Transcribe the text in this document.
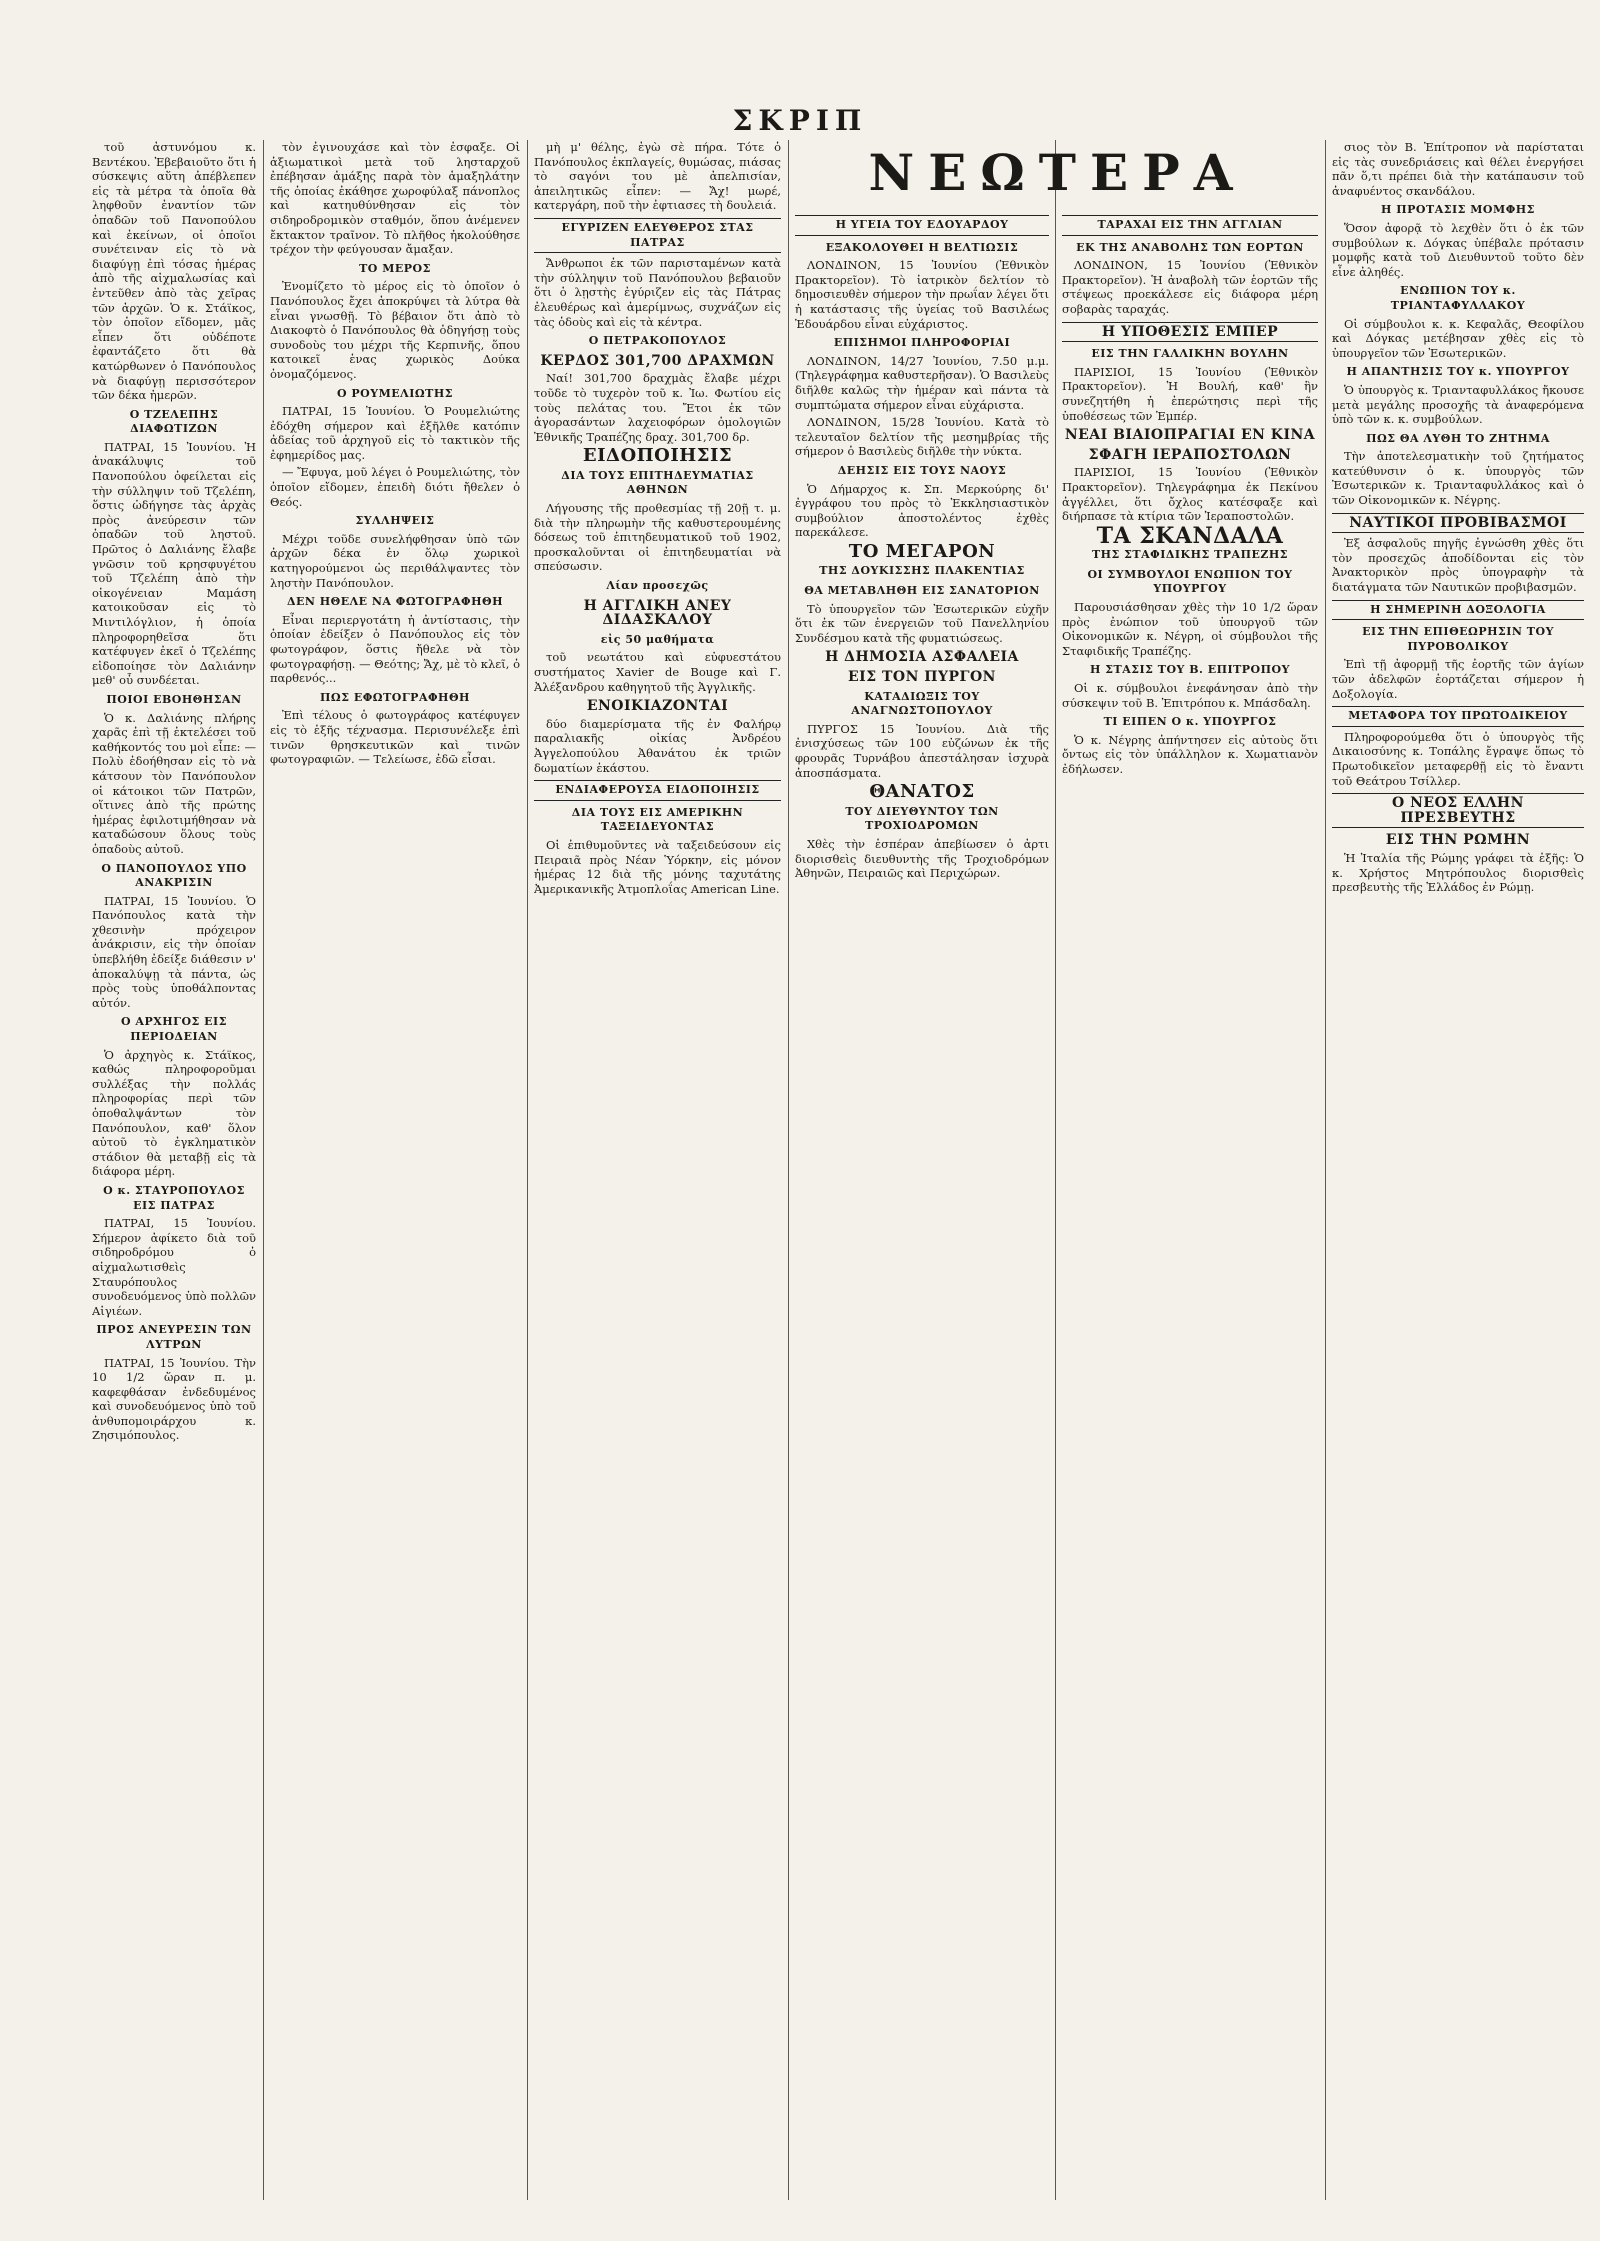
ΣΚΡΙΠ

τοῦ ἀστυνόμου κ. Βεντέκου. Ἐβεβαιοῦτο ὅτι ἡ σύσκεψις αὕτη ἀπέβλεπεν εἰς τὰ μέτρα τὰ ὁποῖα θὰ ληφθοῦν ἐναντίον τῶν ὁπαδῶν τοῦ Πανοπούλου καὶ ἐκείνων, οἱ ὁποῖοι συνέτειναν εἰς τὸ νὰ διαφύγῃ ἐπὶ τόσας ἡμέρας ἀπὸ τῆς αἰχμαλωσίας καὶ ἐντεῦθεν ἀπὸ τὰς χεῖρας τῶν ἀρχῶν. Ὁ κ. Στάϊκος, τὸν ὁποῖον εἴδομεν, μᾶς εἶπεν ὅτι οὐδέποτε ἐφαντάζετο ὅτι θὰ κατώρθωνεν ὁ Πανόπουλος νὰ διαφύγῃ περισσότερον τῶν δέκα ἡμερῶν.

Ο ΤΖΕΛΕΠΗΣ ΔΙΑΦΩΤΙΖΩΝ

ΠΑΤΡΑΙ, 15 Ἰουνίου. Ἡ ἀνακάλυψις τοῦ Πανοπούλου ὀφείλεται εἰς τὴν σύλληψιν τοῦ Τζελέπη, ὅστις ὡδήγησε τὰς ἀρχὰς πρὸς ἀνεύρεσιν τῶν ὁπαδῶν τοῦ ληστοῦ. Πρῶτος ὁ Δαλιάνης ἔλαβε γνῶσιν τοῦ κρησφυγέτου τοῦ Τζελέπη ἀπὸ τὴν οἰκογένειαν Μαμάση κατοικοῦσαν εἰς τὸ Μιντιλόγλιον, ἡ ὁποία πληροφορηθεῖσα ὅτι κατέφυγεν ἐκεῖ ὁ Τζελέπης εἰδοποίησε τὸν Δαλιάνην μεθ' οὗ συνδέεται.

ΠΟΙΟΙ ΕΒΟΗΘΗΣΑΝ

Ὁ κ. Δαλιάνης πλήρης χαρᾶς ἐπὶ τῇ ἐκτελέσει τοῦ καθήκοντός του μοὶ εἶπε: — Πολὺ ἐδοήθησαν εἰς τὸ νὰ κάτσουν τὸν Πανόπουλον οἱ κάτοικοι τῶν Πατρῶν, οἵτινες ἀπὸ τῆς πρώτης ἡμέρας ἐφιλοτιμήθησαν νὰ καταδώσουν ὅλους τοὺς ὁπαδοὺς αὐτοῦ.

Ο ΠΑΝΟΠΟΥΛΟΣ ΥΠΟ ΑΝΑΚΡΙΣΙΝ

ΠΑΤΡΑΙ, 15 Ἰουνίου. Ὁ Πανόπουλος κατὰ τὴν χθεσινὴν πρόχειρον ἀνάκρισιν, εἰς τὴν ὁποίαν ὑπεβλήθη ἐδείξε διάθεσιν ν' ἀποκαλύψῃ τὰ πάντα, ὡς πρὸς τοὺς ὑποθάλποντας αὐτόν.

Ο ΑΡΧΗΓΟΣ ΕΙΣ ΠΕΡΙΟΔΕΙΑΝ

Ὁ ἀρχηγὸς κ. Στάϊκος, καθώς πληροφοροῦμαι συλλέξας τὴν πολλάς πληροφορίας περὶ τῶν ὁποθαλψάντων τὸν Πανόπουλον, καθ' ὅλον αὐτοῦ τὸ ἐγκληματικὸν στάδιον θὰ μεταβῇ εἰς τὰ διάφορα μέρη.

Ο κ. ΣΤΑΥΡΟΠΟΥΛΟΣ ΕΙΣ ΠΑΤΡΑΣ

ΠΑΤΡΑΙ, 15 Ἰουνίου. Σήμερον ἀφίκετο διὰ τοῦ σιδηροδρόμου ὁ αἰχμαλωτισθεὶς Σταυρόπουλος συνοδευόμενος ὑπὸ πολλῶν Αἰγιέων.

ΠΡΟΣ ΑΝΕΥΡΕΣΙΝ ΤΩΝ ΛΥΤΡΩΝ

ΠΑΤΡΑΙ, 15 Ἰουνίου. Τὴν 10 1/2 ὥραν π. μ. καφεφθάσαν ἐνδεδυμένος καὶ συνοδευόμενος ὑπὸ τοῦ ἀνθυπομοιράρχου κ. Ζησιμόπουλος.

τὸν ἐγινουχάσε καὶ τὸν ἐσφαξε. Οἱ ἀξιωματικοὶ μετὰ τοῦ λησταρχοῦ ἐπέβησαν ἀμάξης παρὰ τὸν ἁμαξηλάτην τῆς ὁποίας ἐκάθησε χωροφύλαξ πάνοπλος καὶ κατηυθύνθησαν εἰς τὸν σιδηροδρομικὸν σταθμόν, ὅπου ἀνέμενεν ἔκτακτον τραῖνον. Τὸ πλῆθος ἠκολούθησε τρέχον τὴν φεύγουσαν ἄμαξαν.

ΤΟ ΜΕΡΟΣ

Ἐνομίζετο τὸ μέρος εἰς τὸ ὁποῖον ὁ Πανόπουλος ἔχει ἀποκρύψει τὰ λύτρα θὰ εἶναι γνωσθῇ. Τὸ βέβαιον ὅτι ἀπὸ τὸ Διακοφτὸ ὁ Πανόπουλος θὰ ὁδηγήσῃ τοὺς συνοδοὺς του μέχρι τῆς Κερπινῆς, ὅπου κατοικεῖ ἑνας χωρικὸς Δούκα ὀνομαζόμενος.

Ο ΡΟΥΜΕΛΙΩΤΗΣ

ΠΑΤΡΑΙ, 15 Ἰουνίου. Ὁ Ρουμελιώτης ἐδόχθη σήμερον καὶ ἐξῆλθε κατόπιν ἀδείας τοῦ ἀρχηγοῦ εἰς τὸ τακτικὸν τῆς ἐφημερίδος μας.

— Ἔφυγα, μοῦ λέγει ὁ Ρουμελιώτης, τὸν ὁποῖον εἴδομεν, ἐπειδὴ διότι ἤθελεν ὁ Θεός.

ΣΥΛΛΗΨΕΙΣ

Μέχρι τοῦδε συνελήφθησαν ὑπὸ τῶν ἀρχῶν δέκα ἐν ὅλῳ χωρικοὶ κατηγορούμενοι ὡς περιθάλψαντες τὸν ληστὴν Πανόπουλον.

ΔΕΝ ΗΘΕΛΕ ΝΑ ΦΩΤΟΓΡΑΦΗΘΗ

Εἶναι περιεργοτάτη ἡ ἀντίστασις, τὴν ὁποίαν ἐδείξεν ὁ Πανόπουλος εἰς τὸν φωτογράφον, ὅστις ἤθελε νὰ τὸν φωτογραφήσῃ. — Θεότης; Ἄχ, μὲ τὸ κλεῖ, ὁ παρθενός...

ΠΩΣ ΕΦΩΤΟΓΡΑΦΗΘΗ

Ἐπὶ τέλους ὁ φωτογράφος κατέφυγεν εἰς τὸ ἑξῆς τέχνασμα. Περισυνέλεξε ἐπὶ τινῶν θρησκευτικῶν καὶ τινῶν φωτογραφιῶν. — Τελείωσε, ἐδῶ εἶσαι.

μὴ μ' θέλης, ἐγὼ σὲ πήρα. Τότε ὁ Πανόπουλος ἐκπλαγείς, θυμώσας, πιάσας τὸ σαγόνι του μὲ ἀπελπισίαν, ἀπειλητικῶς εἶπεν: — Ἄχ! μωρέ, κατεργάρη, ποῦ τὴν ἐφτιασες τὴ δουλειά.

ΕΓΥΡΙΖΕΝ ΕΛΕΥΘΕΡΟΣ ΣΤΑΣ ΠΑΤΡΑΣ

Ἄνθρωποι ἐκ τῶν παρισταμένων κατὰ τὴν σύλληψιν τοῦ Πανόπουλου βεβαιοῦν ὅτι ὁ λῃστὴς ἐγύριζεν εἰς τὰς Πάτρας ἐλευθέρως καὶ ἀμερίμνως, συχνάζων εἰς τὰς ὁδοὺς καὶ εἰς τὰ κέντρα.

Ο ΠΕΤΡΑΚΟΠΟΥΛΟΣ
ΚΕΡΔΟΣ 301,700 ΔΡΑΧΜΩΝ

Ναί! 301,700 δραχμὰς ἔλαβε μέχρι τοῦδε τὸ τυχερὸν τοῦ κ. Ἰω. Φωτίου εἰς τοὺς πελάτας του. Ἔτοι ἐκ τῶν ἀγορασάντων λαχειοφόρων ὁμολογιῶν Ἐθνικῆς Τραπέζης δραχ. 301,700 δρ.

ΕΙΔΟΠΟΙΗΣΙΣ
ΔΙΑ ΤΟΥΣ ΕΠΙΤΗΔΕΥΜΑΤΙΑΣ ΑΘΗΝΩΝ

Λήγουσης τῆς προθεσμίας τῇ 20ῇ τ. μ. διὰ τὴν πληρωμὴν τῆς καθυστερουμένης δόσεως τοῦ ἐπιτηδευματικοῦ τοῦ 1902, προσκαλοῦνται οἱ ἐπιτηδευματίαι νὰ σπεύσωσιν.

Λίαν προσεχῶς
Η ΑΓΓΛΙΚΗ ΑΝΕΥ ΔΙΔΑΣΚΑΛΟΥ
εἰς 50 μαθήματα

τοῦ νεωτάτου καὶ εὐφυεστάτου συστήματος Xavier de Bouge καὶ Γ. Ἀλέξανδρου καθηγητοῦ τῆς Ἀγγλικῆς.

ΕΝΟΙΚΙΑΖΟΝΤΑΙ

δύο διαμερίσματα τῆς ἐν Φαλήρῳ παραλιακῆς οἰκίας Ἀνδρέου Ἀγγελοπούλου Ἀθανάτου ἐκ τριῶν δωματίων ἑκάστου.

ΕΝΔΙΑΦΕΡΟΥΣΑ ΕΙΔΟΠΟΙΗΣΙΣ
ΔΙΑ ΤΟΥΣ ΕΙΣ ΑΜΕΡΙΚΗΝ ΤΑΞΕΙΔΕΥΟΝΤΑΣ

Οἱ ἐπιθυμοῦντες νὰ ταξειδεύσουν εἰς Πειραιᾶ πρὸς Νέαν Ὑόρκην, εἰς μόνον ἡμέρας 12 διὰ τῆς μόνης ταχυτάτης Ἀμερικανικῆς Ἀτμοπλοΐας American Line.

ΝΕΩΤΕΡΑ
Η ΥΓΕΙΑ ΤΟΥ ΕΔΟΥΑΡΔΟΥ
ΕΞΑΚΟΛΟΥΘΕΙ Η ΒΕΛΤΙΩΣΙΣ

ΛΟΝΔΙΝΟΝ, 15 Ἰουνίου (Ἐθνικὸν Πρακτορεῖον). Τὸ ἰατρικὸν δελτίον τὸ δημοσιευθὲν σήμερον τὴν πρωΐαν λέγει ὅτι ἡ κατάστασις τῆς ὑγείας τοῦ Βασιλέως Ἐδουάρδου εἶναι εὐχάριστος.

ΕΠΙΣΗΜΟΙ ΠΛΗΡΟΦΟΡΙΑΙ

ΛΟΝΔΙΝΟΝ, 14/27 Ἰουνίου, 7.50 μ.μ. (Τηλεγράφημα καθυστερῆσαν). Ὁ Βασιλεὺς διῆλθε καλῶς τὴν ἡμέραν καὶ πάντα τὰ συμπτώματα σήμερον εἶναι εὐχάριστα.

ΛΟΝΔΙΝΟΝ, 15/28 Ἰουνίου. Κατὰ τὸ τελευταῖον δελτίον τῆς μεσημβρίας τῆς σήμερον ὁ Βασιλεὺς διῆλθε τὴν νύκτα.

ΔΕΗΣΙΣ ΕΙΣ ΤΟΥΣ ΝΑΟΥΣ

Ὁ Δήμαρχος κ. Σπ. Μερκούρης δι' ἐγγράφου του πρὸς τὸ Ἐκκλησιαστικὸν συμβούλιον ἀποστολέντος ἐχθὲς παρεκάλεσε.

ΤΟ ΜΕΓΑΡΟΝ
ΤΗΣ ΔΟΥΚΙΣΣΗΣ ΠΛΑΚΕΝΤΙΑΣ
ΘΑ ΜΕΤΑΒΛΗΘΗ ΕΙΣ ΣΑΝΑΤΟΡΙΟΝ

Τὸ ὑπουργεῖον τῶν Ἐσωτερικῶν εὐχῆν ὅτι ἐκ τῶν ἐνεργειῶν τοῦ Πανελληνίου Συνδέσμου κατὰ τῆς φυματιώσεως.

Η ΔΗΜΟΣΙΑ ΑΣΦΑΛΕΙΑ
ΕΙΣ ΤΟΝ ΠΥΡΓΟΝ
ΚΑΤΑΔΙΩΞΙΣ ΤΟΥ ΑΝΑΓΝΩΣΤΟΠΟΥΛΟΥ

ΠΥΡΓΟΣ 15 Ἰουνίου. Διὰ τῆς ἐνισχύσεως τῶν 100 εὐζώνων ἐκ τῆς φρουρᾶς Τυρνάβου ἀπεστάλησαν ἰσχυρὰ ἀποσπάσματα.

ΘΑΝΑΤΟΣ
ΤΟΥ ΔΙΕΥΘΥΝΤΟΥ ΤΩΝ ΤΡΟΧΙΟΔΡΟΜΩΝ

Χθὲς τὴν ἑσπέραν ἀπεβίωσεν ὁ ἀρτι διορισθεὶς διευθυντὴς τῆς Τροχιοδρόμων Ἀθηνῶν, Πειραιῶς καὶ Περιχώρων.

ΤΑΡΑΧΑΙ ΕΙΣ ΤΗΝ ΑΓΓΛΙΑΝ
ΕΚ ΤΗΣ ΑΝΑΒΟΛΗΣ ΤΩΝ ΕΟΡΤΩΝ

ΛΟΝΔΙΝΟΝ, 15 Ἰουνίου (Ἐθνικὸν Πρακτορεῖον). Ἡ ἀναβολὴ τῶν ἑορτῶν τῆς στέψεως προεκάλεσε εἰς διάφορα μέρη σοβαρὰς ταραχάς.

Η ΥΠΟΘΕΣΙΣ ΕΜΠΕΡ
ΕΙΣ ΤΗΝ ΓΑΛΛΙΚΗΝ ΒΟΥΛΗΝ

ΠΑΡΙΣΙΟΙ, 15 Ἰουνίου (Ἐθνικὸν Πρακτορεῖον). Ἡ Βουλή, καθ' ἣν συνεζητήθη ἡ ἐπερώτησις περὶ τῆς ὑποθέσεως τῶν Ἐμπέρ.

ΝΕΑΙ ΒΙΑΙΟΠΡΑΓΙΑΙ ΕΝ ΚΙΝΑ
ΣΦΑΓΗ ΙΕΡΑΠΟΣΤΟΛΩΝ

ΠΑΡΙΣΙΟΙ, 15 Ἰουνίου (Ἐθνικὸν Πρακτορεῖον). Τηλεγράφημα ἐκ Πεκίνου ἀγγέλλει, ὅτι ὄχλος κατέσφαξε καὶ διήρπασε τὰ κτίρια τῶν Ἱεραποστολῶν.

ΤΑ ΣΚΑΝΔΑΛΑ
ΤΗΣ ΣΤΑΦΙΔΙΚΗΣ ΤΡΑΠΕΖΗΣ
ΟΙ ΣΥΜΒΟΥΛΟΙ ΕΝΩΠΙΟΝ ΤΟΥ ΥΠΟΥΡΓΟΥ

Παρουσιάσθησαν χθὲς τὴν 10 1/2 ὥραν πρὸς ἐνώπιον τοῦ ὑπουργοῦ τῶν Οἰκονομικῶν κ. Νέγρη, οἱ σύμβουλοι τῆς Σταφιδικῆς Τραπέζης.

Η ΣΤΑΣΙΣ ΤΟΥ Β. ΕΠΙΤΡΟΠΟΥ

Οἱ κ. σύμβουλοι ἐνεφάνησαν ἀπὸ τὴν σύσκεψιν τοῦ Β. Ἐπιτρόπου κ. Μπάσδαλη.

ΤΙ ΕΙΠΕΝ Ο κ. ΥΠΟΥΡΓΟΣ

Ὁ κ. Νέγρης ἀπήντησεν εἰς αὐτοὺς ὅτι ὄντως εἰς τὸν ὑπάλληλον κ. Χωματιανὸν ἐδήλωσεν.

σιος τὸν Β. Ἐπίτροπον νὰ παρίσταται εἰς τὰς συνεδριάσεις καὶ θέλει ἐνεργήσει πᾶν ὅ,τι πρέπει διὰ τὴν κατάπαυσιν τοῦ ἀναφυέντος σκανδάλου.

Η ΠΡΟΤΑΣΙΣ ΜΟΜΦΗΣ

Ὅσον ἀφορᾷ τὸ λεχθὲν ὅτι ὁ ἐκ τῶν συμβούλων κ. Δόγκας ὑπέβαλε πρότασιν μομφῆς κατὰ τοῦ Διευθυντοῦ τοῦτο δὲν εἶνε ἀληθές.

ΕΝΩΠΙΟΝ ΤΟΥ κ. ΤΡΙΑΝΤΑΦΥΛΛΑΚΟΥ

Οἱ σύμβουλοι κ. κ. Κεφαλᾶς, Θεοφίλου καὶ Δόγκας μετέβησαν χθὲς εἰς τὸ ὑπουργεῖον τῶν Ἐσωτερικῶν.

Η ΑΠΑΝΤΗΣΙΣ ΤΟΥ κ. ΥΠΟΥΡΓΟΥ

Ὁ ὑπουργὸς κ. Τριανταφυλλάκος ἤκουσε μετὰ μεγάλης προσοχῆς τὰ ἀναφερόμενα ὑπὸ τῶν κ. κ. συμβούλων.

ΠΩΣ ΘΑ ΛΥΘΗ ΤΟ ΖΗΤΗΜΑ

Τὴν ἀποτελεσματικὴν τοῦ ζητήματος κατεύθυνσιν ὁ κ. ὑπουργὸς τῶν Ἐσωτερικῶν κ. Τριανταφυλλάκος καὶ ὁ τῶν Οἰκονομικῶν κ. Νέγρης.

ΝΑΥΤΙΚΟΙ ΠΡΟΒΙΒΑΣΜΟΙ

Ἐξ ἀσφαλοῦς πηγῆς ἐγνώσθη χθὲς ὅτι τὸν προσεχῶς ἀποδίδονται εἰς τὸν Ἀνακτορικὸν πρὸς ὑπογραφὴν τὰ διατάγματα τῶν Ναυτικῶν προβιβασμῶν.

Η ΣΗΜΕΡΙΝΗ ΔΟΞΟΛΟΓΙΑ
ΕΙΣ ΤΗΝ ΕΠΙΘΕΩΡΗΣΙΝ ΤΟΥ ΠΥΡΟΒΟΛΙΚΟΥ

Ἐπὶ τῇ ἀφορμῇ τῆς ἐορτῆς τῶν ἁγίων τῶν ἀδελφῶν ἑορτάζεται σήμερον ἡ Δοξολογία.

ΜΕΤΑΦΟΡΑ ΤΟΥ ΠΡΩΤΟΔΙΚΕΙΟΥ

Πληροφορούμεθα ὅτι ὁ ὑπουργὸς τῆς Δικαιοσύνης κ. Τοπάλης ἔγραψε ὅπως τὸ Πρωτοδικεῖον μεταφερθῇ εἰς τὸ ἔναντι τοῦ Θεάτρου Τσίλλερ.

Ο ΝΕΟΣ ΕΛΛΗΝ ΠΡΕΣΒΕΥΤΗΣ
ΕΙΣ ΤΗΝ ΡΩΜΗΝ

Ἡ Ἰταλία τῆς Ρώμης γράφει τὰ ἑξῆς: Ὁ κ. Χρήστος Μητρόπουλος διορισθεὶς πρεσβευτὴς τῆς Ἑλλάδος ἐν Ρώμῃ.
